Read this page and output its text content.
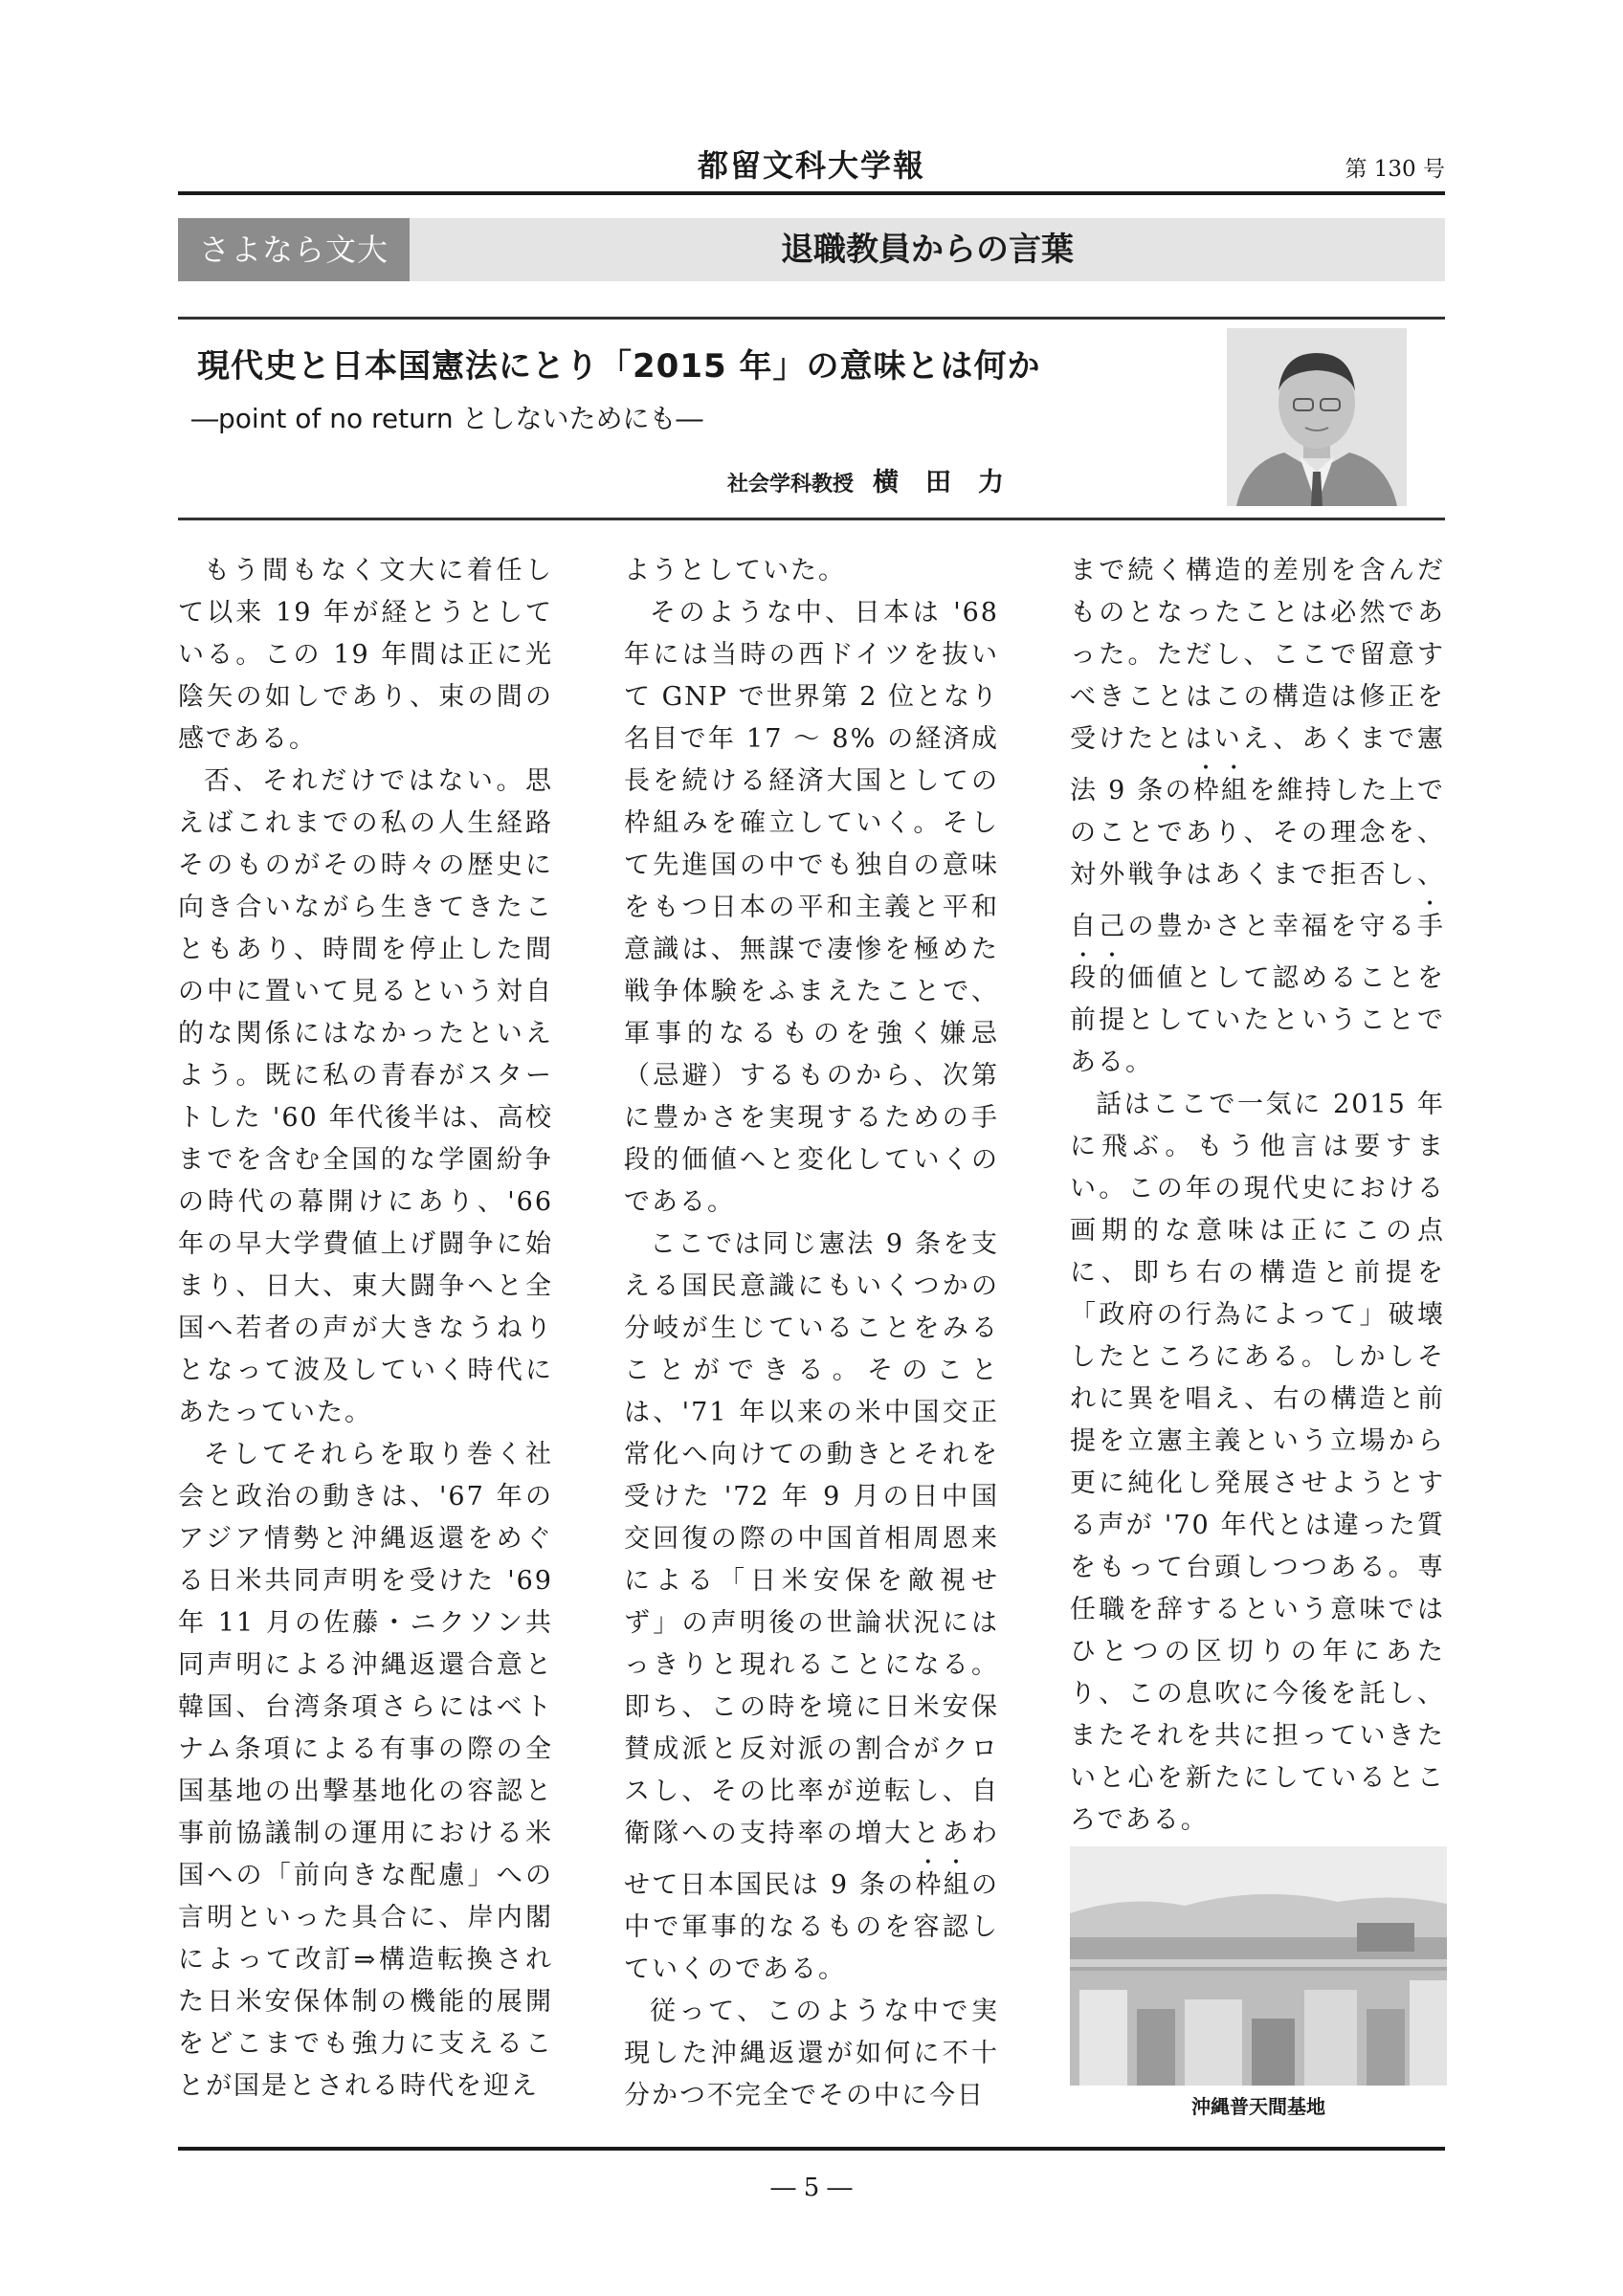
都留文科大学報	第 130 号
さよなら文大	退職教員からの言葉
現代史と日本国憲法にとり「2015 年」の意味とは何か
―point of no return としないためにも―
社会学科教授 横田力

もう間もなく文大に着任して以来 19 年が経とうとしている。この 19 年間は正に光陰矢の如しであり、束の間の感である。

否、それだけではない。思えばこれまでの私の人生経路そのものがその時々の歴史に向き合いながら生きてきたこともあり、時間を停止した間の中に置いて見るという対自的な関係にはなかったといえよう。既に私の青春がスタートした '60 年代後半は、高校までを含む全国的な学園紛争の時代の幕開けにあり、'66 年の早大学費値上げ闘争に始まり、日大、東大闘争へと全国へ若者の声が大きなうねりとなって波及していく時代にあたっていた。

そしてそれらを取り巻く社会と政治の動きは、'67 年のアジア情勢と沖縄返還をめぐる日米共同声明を受けた '69 年 11 月の佐藤・ニクソン共同声明による沖縄返還合意と韓国、台湾条項さらにはベトナム条項による有事の際の全国基地の出撃基地化の容認と事前協議制の運用における米国への「前向きな配慮」への言明といった具合に、岸内閣によって改訂⇒構造転換された日米安保体制の機能的展開をどこまでも強力に支えることが国是とされる時代を迎え

ようとしていた。

そのような中、日本は '68 年には当時の西ドイツを抜いて GNP で世界第 2 位となり名目で年 17 ～ 8% の経済成長を続ける経済大国としての枠組みを確立していく。そして先進国の中でも独自の意味をもつ日本の平和主義と平和意識は、無謀で凄惨を極めた戦争体験をふまえたことで、軍事的なるものを強く嫌忌（忌避）するものから、次第に豊かさを実現するための手段的価値へと変化していくのである。

ここでは同じ憲法 9 条を支える国民意識にもいくつかの分岐が生じていることをみることができる。そのことは、'71 年以来の米中国交正常化へ向けての動きとそれを受けた '72 年 9 月の日中国交回復の際の中国首相周恩来による「日米安保を敵視せず」の声明後の世論状況にはっきりと現れることになる。即ち、この時を境に日米安保賛成派と反対派の割合がクロスし、その比率が逆転し、自衛隊への支持率の増大とあわせて日本国民は 9 条の枠組の中で軍事的なるものを容認していくのである。

従って、このような中で実現した沖縄返還が如何に不十分かつ不完全でその中に今日

まで続く構造的差別を含んだものとなったことは必然であった。ただし、ここで留意すべきことはこの構造は修正を受けたとはいえ、あくまで憲法 9 条の枠組を維持した上でのことであり、その理念を、対外戦争はあくまで拒否し、自己の豊かさと幸福を守る手段的価値として認めることを前提としていたということである。

話はここで一気に 2015 年に飛ぶ。もう他言は要すまい。この年の現代史における画期的な意味は正にこの点に、即ち右の構造と前提を「政府の行為によって」破壊したところにある。しかしそれに異を唱え、右の構造と前提を立憲主義という立場から更に純化し発展させようとする声が '70 年代とは違った質をもって台頭しつつある。専任職を辞するという意味ではひとつの区切りの年にあたり、この息吹に今後を託し、またそれを共に担っていきたいと心を新たにしているところである。

沖縄普天間基地
― 5 ―
